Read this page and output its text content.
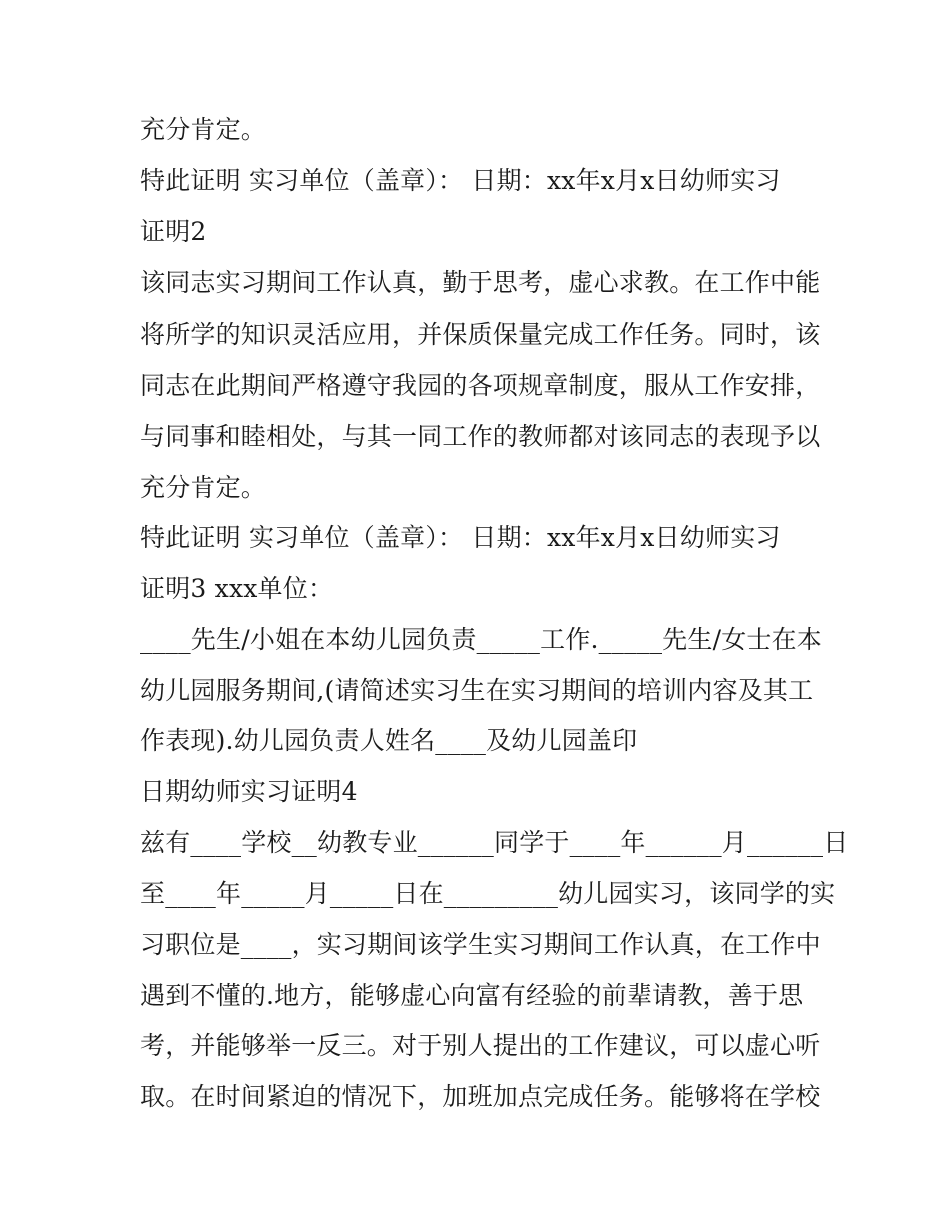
充分肯定。

特此证明 实习单位（盖章）： 日期：xx年x月x日幼师实习

证明2

该同志实习期间工作认真，勤于思考，虚心求教。在工作中能

将所学的知识灵活应用，并保质保量完成工作任务。同时，该

同志在此期间严格遵守我园的各项规章制度，服从工作安排，

与同事和睦相处，与其一同工作的教师都对该同志的表现予以

充分肯定。

特此证明 实习单位（盖章）： 日期：xx年x月x日幼师实习

证明3 xxx单位：

____先生/小姐在本幼儿园负责_____工作._____先生/女士在本

幼儿园服务期间,(请简述实习生在实习期间的培训内容及其工

作表现).幼儿园负责人姓名____及幼儿园盖印

日期幼师实习证明4

兹有____学校__幼教专业______同学于____年______月______日

至____年_____月_____日在_________幼儿园实习，该同学的实

习职位是____，实习期间该学生实习期间工作认真，在工作中

遇到不懂的.地方，能够虚心向富有经验的前辈请教，善于思

考，并能够举一反三。对于别人提出的工作建议，可以虚心听

取。在时间紧迫的情况下，加班加点完成任务。能够将在学校
